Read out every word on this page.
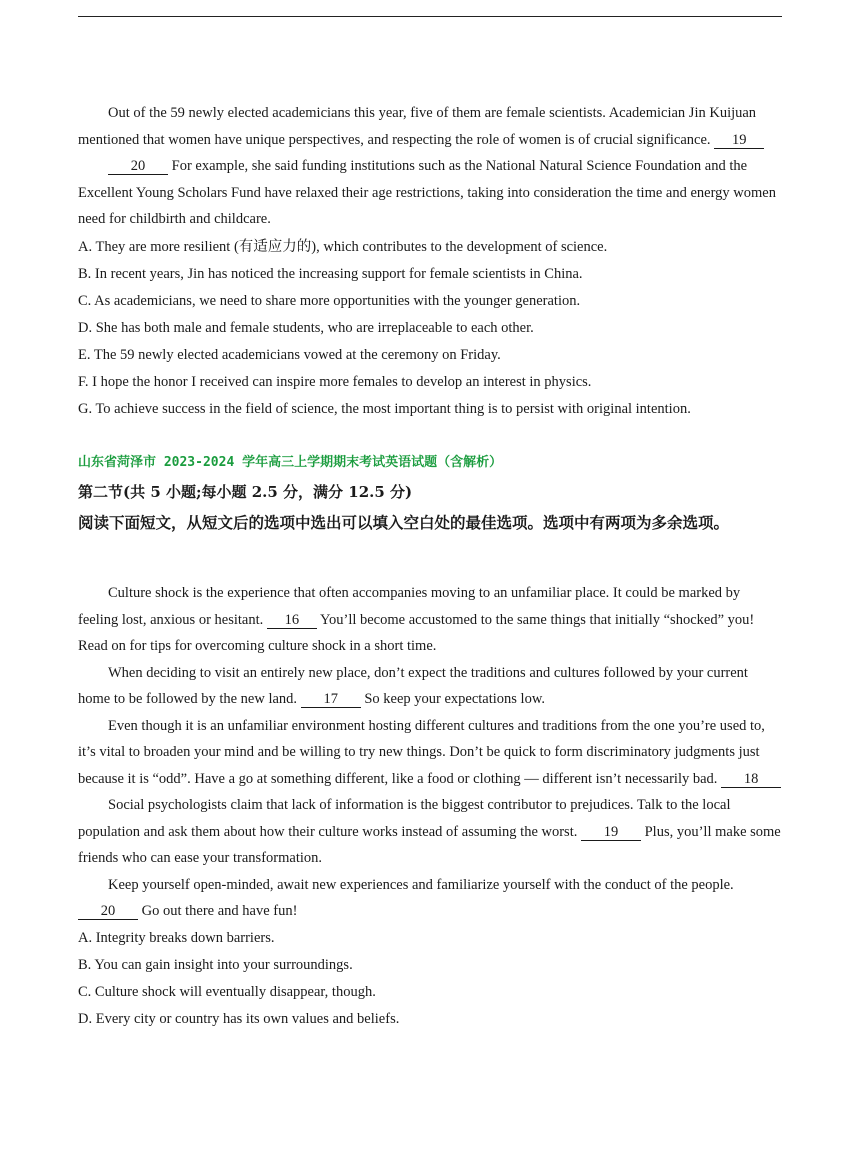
Out of the 59 newly elected academicians this year, five of them are female scientists. Academician Jin Kuijuan mentioned that women have unique perspectives, and respecting the role of women is of crucial significance. 19

20 For example, she said funding institutions such as the National Natural Science Foundation and the Excellent Young Scholars Fund have relaxed their age restrictions, taking into consideration the time and energy women need for childbirth and childcare.

A. They are more resilient (有适应力的), which contributes to the development of science.

B. In recent years, Jin has noticed the increasing support for female scientists in China.

C. As academicians, we need to share more opportunities with the younger generation.

D. She has both male and female students, who are irreplaceable to each other.

E. The 59 newly elected academicians vowed at the ceremony on Friday.

F. I hope the honor I received can inspire more females to develop an interest in physics.

G. To achieve success in the field of science, the most important thing is to persist with original intention.

山东省菏泽市 2023-2024 学年高三上学期期末考试英语试题（含解析）

第二节(共 5 小题;每小题 2.5 分，满分 12.5 分)

阅读下面短文，从短文后的选项中选出可以填入空白处的最佳选项。选项中有两项为多余选项。

Culture shock is the experience that often accompanies moving to an unfamiliar place. It could be marked by feeling lost, anxious or hesitant. 16 You’ll become accustomed to the same things that initially “shocked” you! Read on for tips for overcoming culture shock in a short time.

When deciding to visit an entirely new place, don’t expect the traditions and cultures followed by your current home to be followed by the new land. 17 So keep your expectations low.

Even though it is an unfamiliar environment hosting different cultures and traditions from the one you’re used to, it’s vital to broaden your mind and be willing to try new things. Don’t be quick to form discriminatory judgments just because it is “odd”. Have a go at something different, like a food or clothing — different isn’t necessarily bad. 18

Social psychologists claim that lack of information is the biggest contributor to prejudices. Talk to the local population and ask them about how their culture works instead of assuming the worst. 19 Plus, you’ll make some friends who can ease your transformation.

Keep yourself open-minded, await new experiences and familiarize yourself with the conduct of the people. 20 Go out there and have fun!

A. Integrity breaks down barriers.

B. You can gain insight into your surroundings.

C. Culture shock will eventually disappear, though.

D. Every city or country has its own values and beliefs.
